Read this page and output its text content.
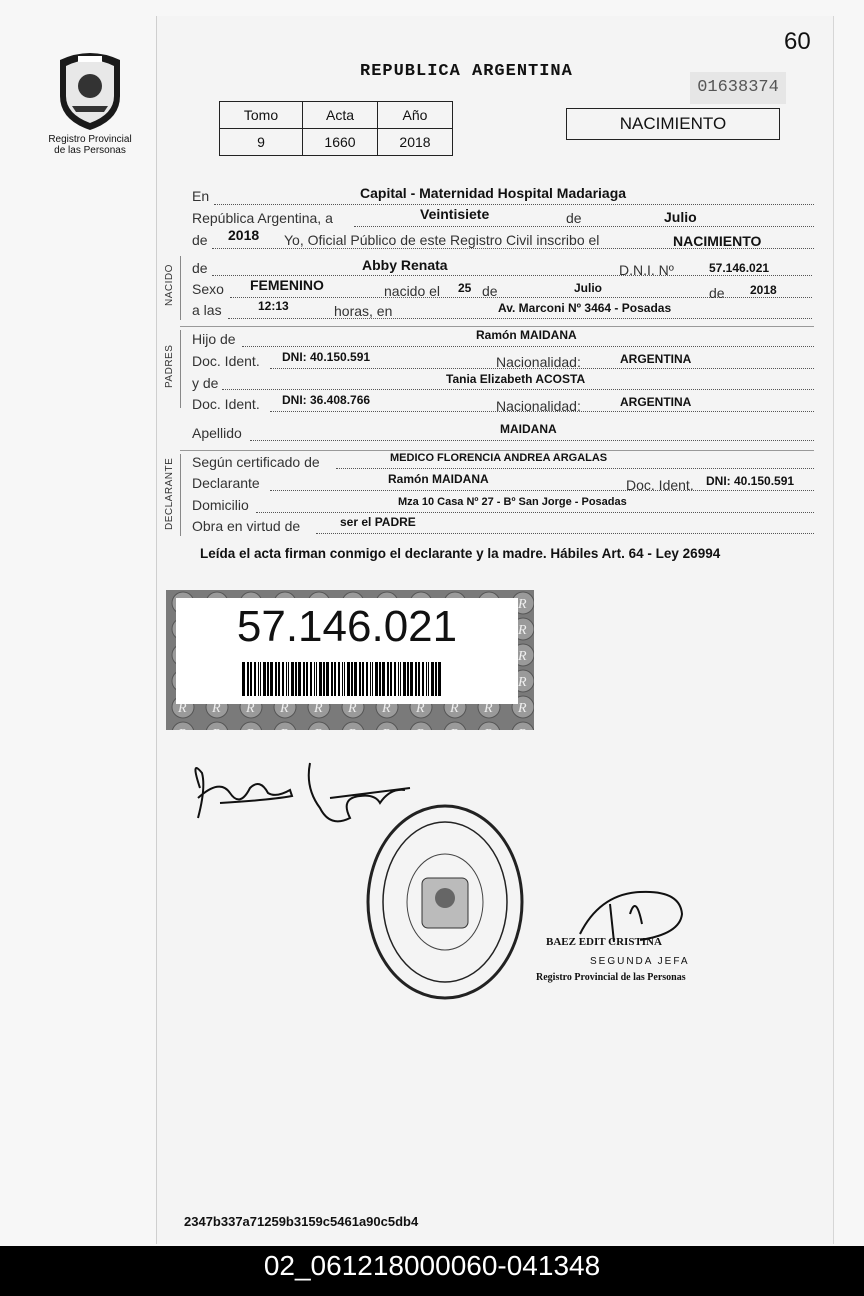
Registro Provincial
de las Personas
60
REPUBLICA ARGENTINA
01638374
NACIMIENTO
Tomo	Acta	Año
9	1660	2018
NACIDO
PADRES
DECLARANTE
En	Capital - Maternidad Hospital Madariaga
República Argentina, a	Veintisiete	de	Julio
de 2018 Yo, Oficial Público de este Registro Civil inscribo el	NACIMIENTO
de	Abby Renata	D.N.I. Nº	57.146.021
Sexo FEMENINO	nacido el 25 de	Julio	de 2018
a las	12:13	horas, en	Av. Marconi Nº 3464 - Posadas
Hijo de	Ramón MAIDANA
Doc. Ident. DNI: 40.150.591	Nacionalidad:	ARGENTINA
y de	Tania Elizabeth ACOSTA
Doc. Ident. DNI: 36.408.766	Nacionalidad:	ARGENTINA
Apellido	MAIDANA
Según certificado de	MEDICO FLORENCIA ANDREA ARGALAS
Declarante	Ramón MAIDANA	Doc. Ident. DNI: 40.150.591
Domicilio	Mza 10 Casa Nº 27 - Bº San Jorge - Posadas
Obra en virtud de	ser el PADRE
Leída el acta firman conmigo el declarante y la madre. Hábiles Art. 64 - Ley 26994
57.146.021
BAEZ EDIT CRISTINA
SEGUNDA JEFA
Registro Provincial de las Personas
2347b337a71259b3159c5461a90c5db4
02_061218000060-041348
